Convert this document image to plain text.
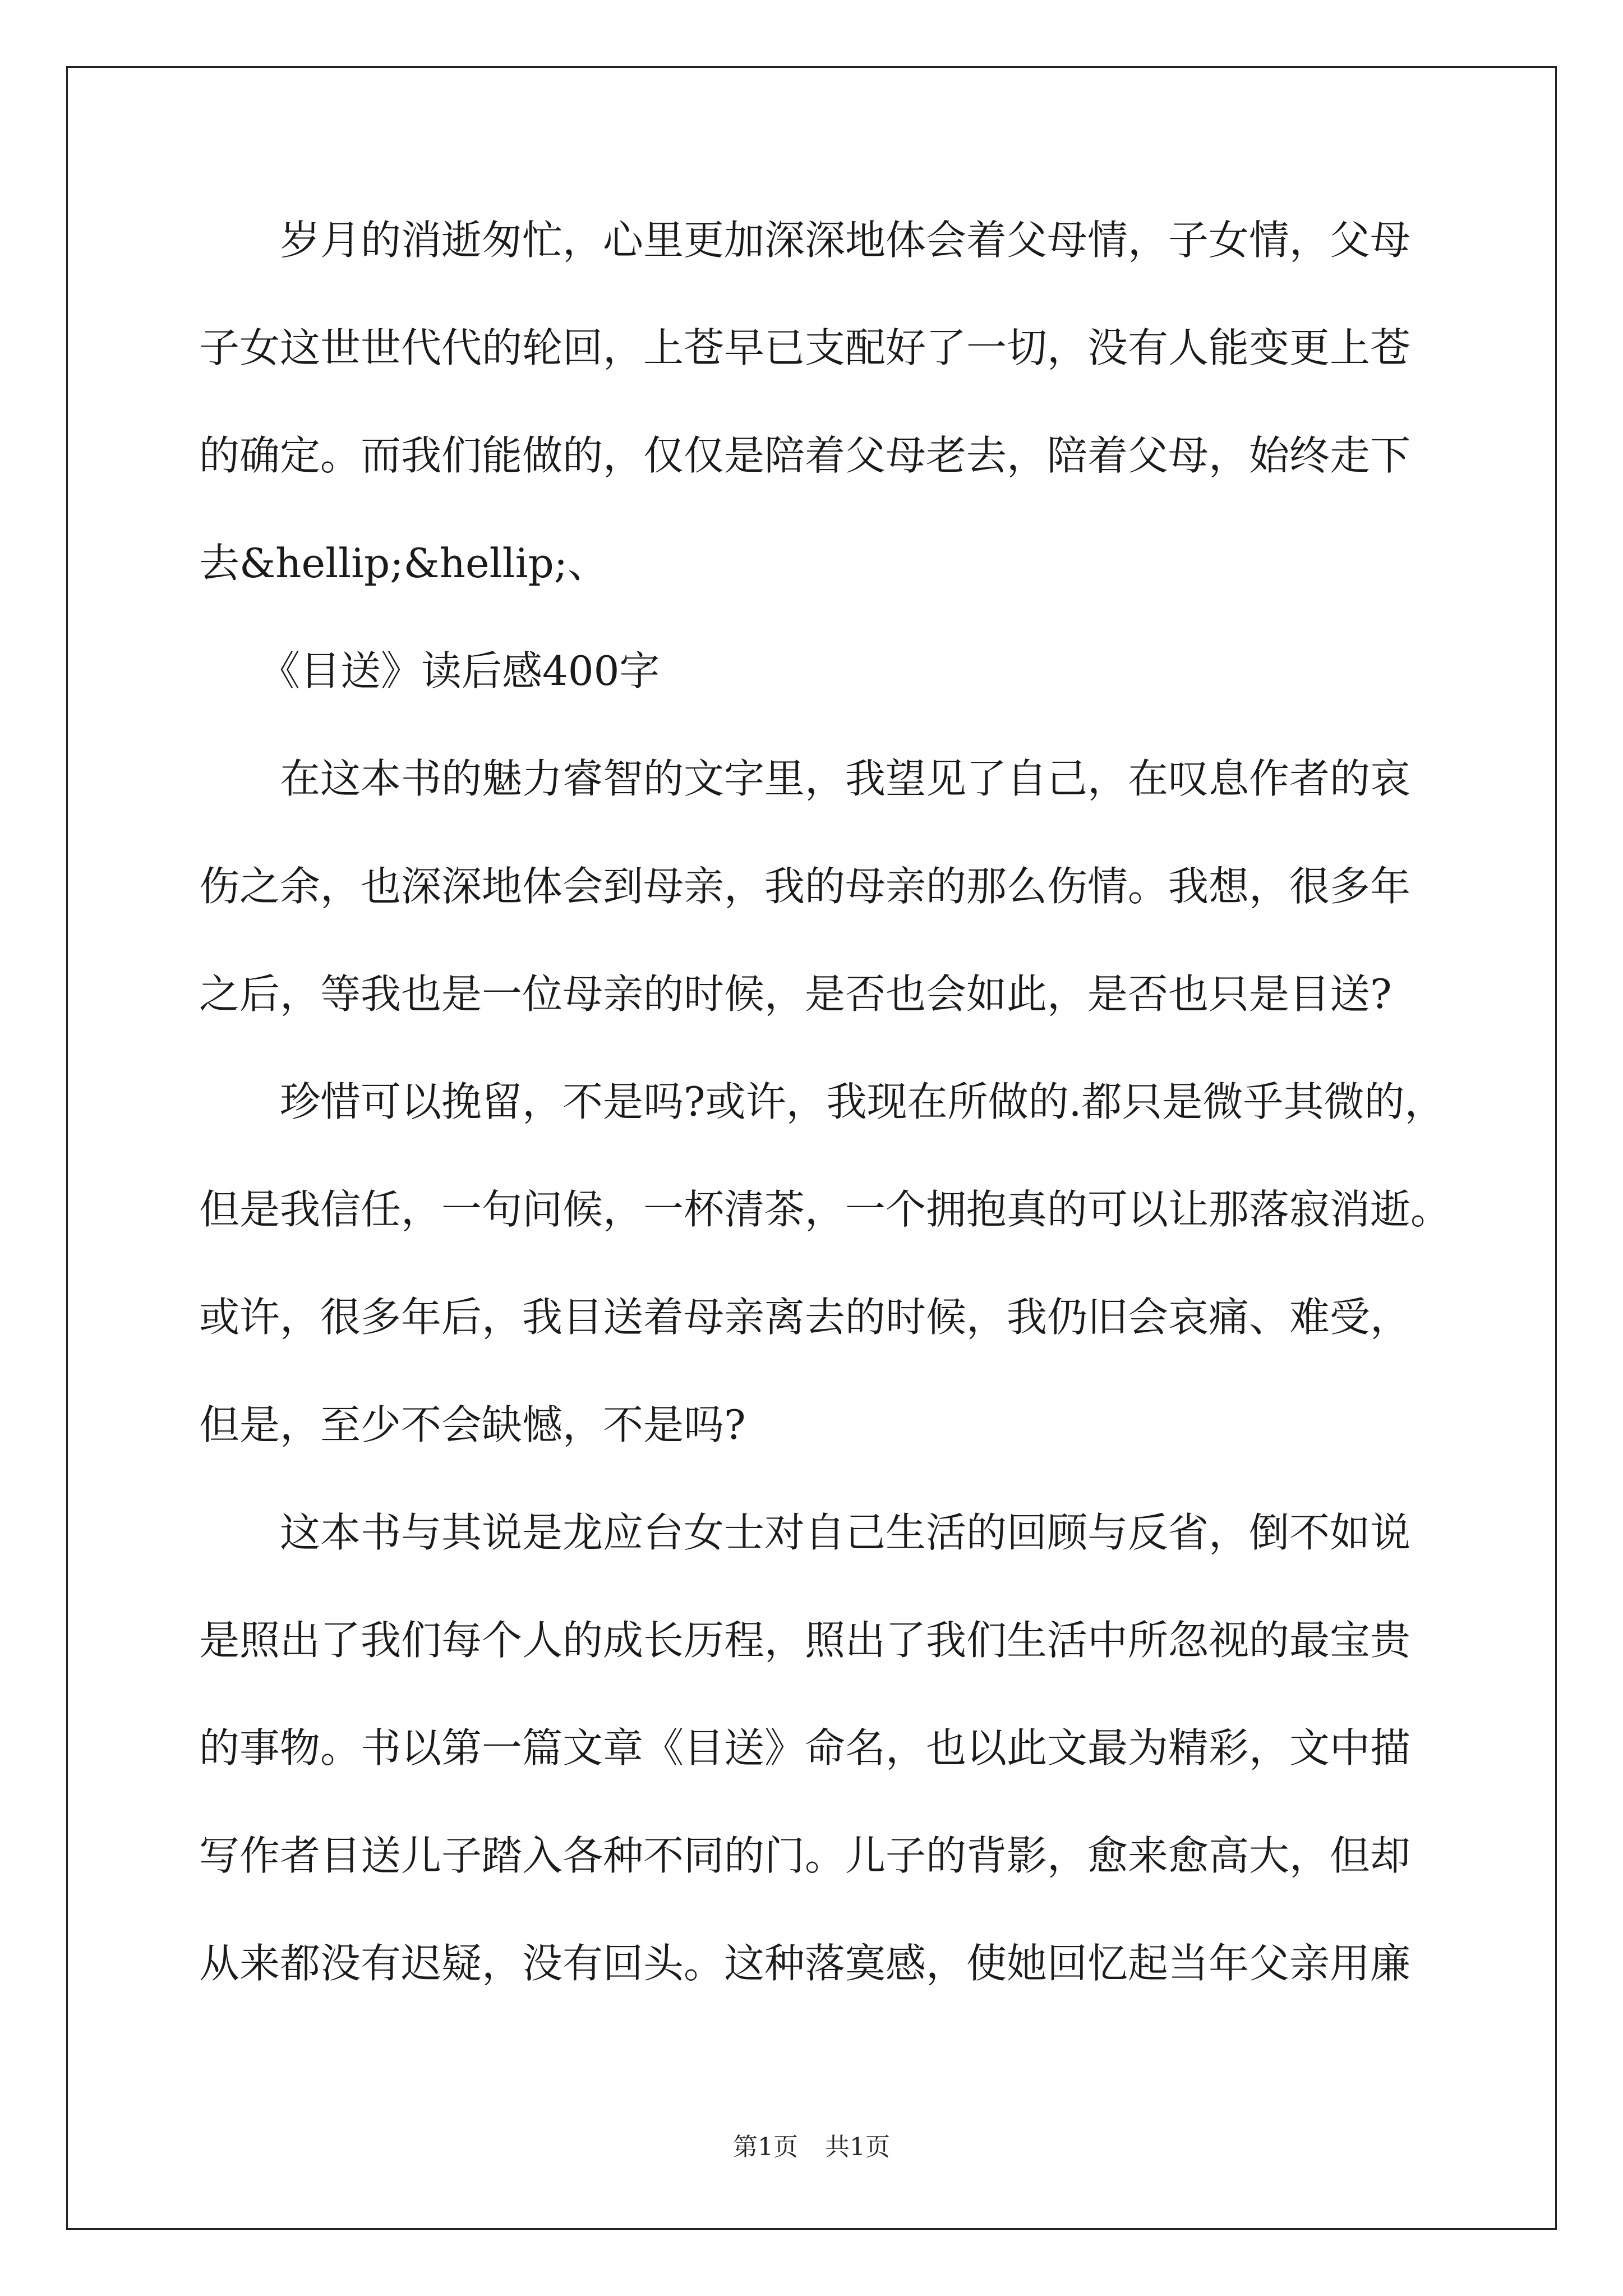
　　岁月的消逝匆忙，心里更加深深地体会着父母情，子女情，父母
子女这世世代代的轮回，上苍早已支配好了一切，没有人能变更上苍
的确定。而我们能做的，仅仅是陪着父母老去，陪着父母，始终走下
去&hellip;&hellip;、
　　《目送》读后感400字
　　在这本书的魅力睿智的文字里，我望见了自己，在叹息作者的哀
伤之余，也深深地体会到母亲，我的母亲的那么伤情。我想，很多年
之后，等我也是一位母亲的时候，是否也会如此，是否也只是目送?
　　珍惜可以挽留，不是吗?或许，我现在所做的.都只是微乎其微的，
但是我信任，一句问候，一杯清茶，一个拥抱真的可以让那落寂消逝。
或许，很多年后，我目送着母亲离去的时候，我仍旧会哀痛、难受，
但是，至少不会缺憾，不是吗?
　　这本书与其说是龙应台女士对自己生活的回顾与反省，倒不如说
是照出了我们每个人的成长历程，照出了我们生活中所忽视的最宝贵
的事物。书以第一篇文章《目送》命名，也以此文最为精彩，文中描
写作者目送儿子踏入各种不同的门。儿子的背影，愈来愈高大，但却
从来都没有迟疑，没有回头。这种落寞感，使她回忆起当年父亲用廉
第1页 共1页
